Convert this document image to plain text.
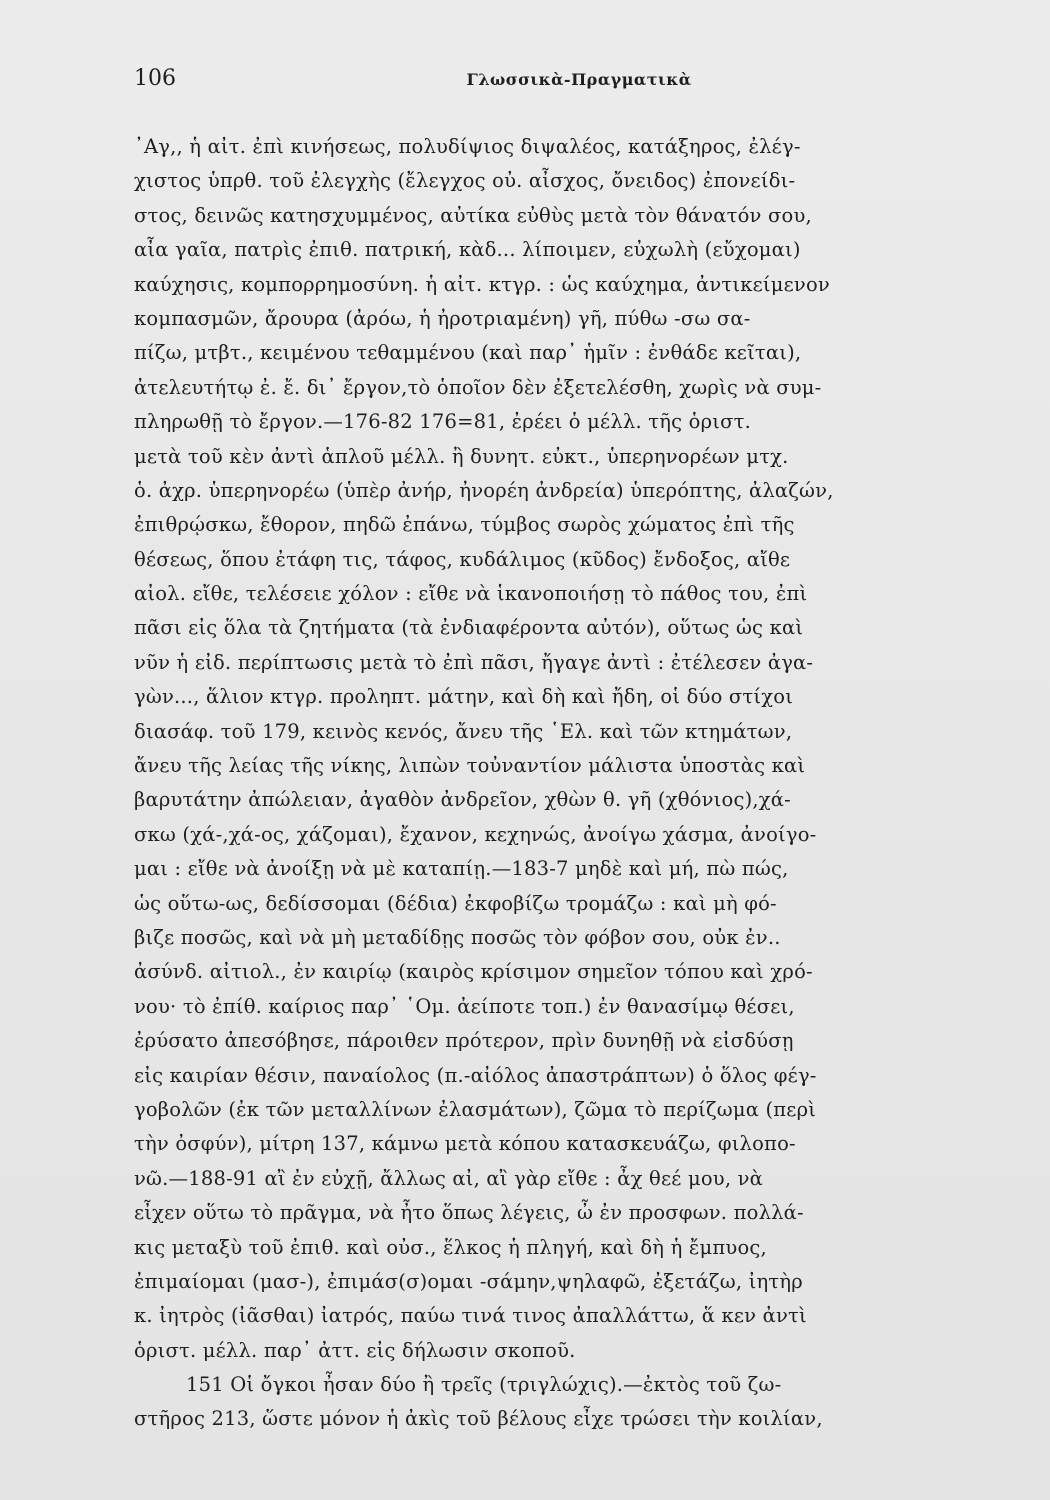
106	Γλωσσικὰ-Πραγματικὰ
᾿Αγ,, ἡ αἰτ. ἐπὶ κινήσεως, πολυδίψιος διψαλέος, κατάξηρος, ἐλέγ-
χιστος ὑπρθ. τοῦ ἐλεγχὴς (ἔλεγχος οὐ. αἶσχος, ὄνειδος) ἐπονείδι-
στος, δεινῶς κατησχυμμένος, αὐτίκα εὐθὺς μετὰ τὸν θάνατόν σου,
αἶα γαῖα, πατρὶς ἐπιθ. πατρική, κὰδ... λίποιμεν, εὐχωλὴ (εὔχομαι)
καύχησις, κομπορρημοσύνη. ἡ αἰτ. κτγρ. : ὡς καύχημα, ἀντικείμενον
κομπασμῶν, ἄρουρα (ἀρόω, ἡ ἠροτριαμένη) γῆ, πύθω -σω σα-
πίζω, μτβτ., κειμένου τεθαμμένου (καὶ παρ᾿ ἡμῖν : ἐνθάδε κεῖται),
ἀτελευτήτῳ ἐ. ἔ. δι᾿ ἔργον,τὸ ὁποῖον δὲν ἐξετελέσθη, χωρὶς νὰ συμ-
πληρωθῇ τὸ ἔργον.—176-82 176=81, ἐρέει ὁ μέλλ. τῆς ὁριστ.
μετὰ τοῦ κὲν ἀντὶ ἁπλοῦ μέλλ. ἢ δυνητ. εὐκτ., ὑπερηνορέων μτχ.
ὁ. ἀχρ. ὑπερηνορέω (ὑπὲρ ἀνήρ, ἠνορέη ἀνδρεία) ὑπερόπτης, ἀλαζών,
ἐπιθρῴσκω, ἔθορον, πηδῶ ἐπάνω, τύμβος σωρὸς χώματος ἐπὶ τῆς
θέσεως, ὅπου ἐτάφη τις, τάφος, κυδάλιμος (κῦδος) ἔνδοξος, αἴθε
αἰολ. εἴθε, τελέσειε χόλον : εἴθε νὰ ἱκανοποιήσῃ τὸ πάθος του, ἐπὶ
πᾶσι εἰς ὅλα τὰ ζητήματα (τὰ ἐνδιαφέροντα αὐτόν), οὕτως ὡς καὶ
νῦν ἡ εἰδ. περίπτωσις μετὰ τὸ ἐπὶ πᾶσι, ἤγαγε ἀντὶ : ἐτέλεσεν ἀγα-
γὼν..., ἅλιον κτγρ. προληπτ. μάτην, καὶ δὴ καὶ ἤδη, οἱ δύο στίχοι
διασάφ. τοῦ 179, κεινὸς κενός, ἄνευ τῆς ῾Ελ. καὶ τῶν κτημάτων,
ἄνευ τῆς λείας τῆς νίκης, λιπὼν τοὐναντίον μάλιστα ὑποστὰς καὶ
βαρυτάτην ἀπώλειαν, ἀγαθὸν ἀνδρεῖον, χθὼν θ. γῆ (χθόνιος),χά-
σκω (χά-,χά-ος, χάζομαι), ἔχανον, κεχηνώς, ἀνοίγω χάσμα, ἀνοίγο-
μαι : εἴθε νὰ ἀνοίξῃ νὰ μὲ καταπίῃ.—183-7 μηδὲ καὶ μή, πὼ πώς,
ὡς οὕτω-ως, δεδίσσομαι (δέδια) ἐκφοβίζω τρομάζω : καὶ μὴ φό-
βιζε ποσῶς, καὶ νὰ μὴ μεταδίδῃς ποσῶς τὸν φόβον σου, οὐκ ἐν..
ἀσύνδ. αἰτιολ., ἐν καιρίῳ (καιρὸς κρίσιμον σημεῖον τόπου καὶ χρό-
νου· τὸ ἐπίθ. καίριος παρ᾿ ῾Ομ. ἀείποτε τοπ.) ἐν θανασίμῳ θέσει,
ἐρύσατο ἀπεσόβησε, πάροιθεν πρότερον, πρὶν δυνηθῇ νὰ εἰσδύσῃ
εἰς καιρίαν θέσιν, παναίολος (π.-αἰόλος ἀπαστράπτων) ὁ ὅλος φέγ-
γοβολῶν (ἐκ τῶν μεταλλίνων ἐλασμάτων), ζῶμα τὸ περίζωμα (περὶ
τὴν ὀσφύν), μίτρη 137, κάμνω μετὰ κόπου κατασκευάζω, φιλοπο-
νῶ.—188-91 αἲ ἐν εὐχῇ, ἄλλως αἰ, αἲ γὰρ εἴθε : ἆχ θεέ μου, νὰ
εἶχεν οὕτω τὸ πρᾶγμα, νὰ ἦτο ὅπως λέγεις, ὦ ἐν προσφων. πολλά-
κις μεταξὺ τοῦ ἐπιθ. καὶ οὐσ., ἕλκος ἡ πληγή, καὶ δὴ ἡ ἔμπυος,
ἐπιμαίομαι (μασ-), ἐπιμάσ(σ)ομαι -σάμην,ψηλαφῶ, ἐξετάζω, ἰητὴρ
κ. ἰητρὸς (ἰᾶσθαι) ἰατρός, παύω τινά τινος ἀπαλλάττω, ἅ κεν ἀντὶ
ὁριστ. μέλλ. παρ᾿ ἀττ. εἰς δήλωσιν σκοποῦ.
151 Οἱ ὄγκοι ἦσαν δύο ἢ τρεῖς (τριγλώχις).—ἐκτὸς τοῦ ζω-
στῆρος 213, ὥστε μόνον ἡ ἀκὶς τοῦ βέλους εἶχε τρώσει τὴν κοιλίαν,
